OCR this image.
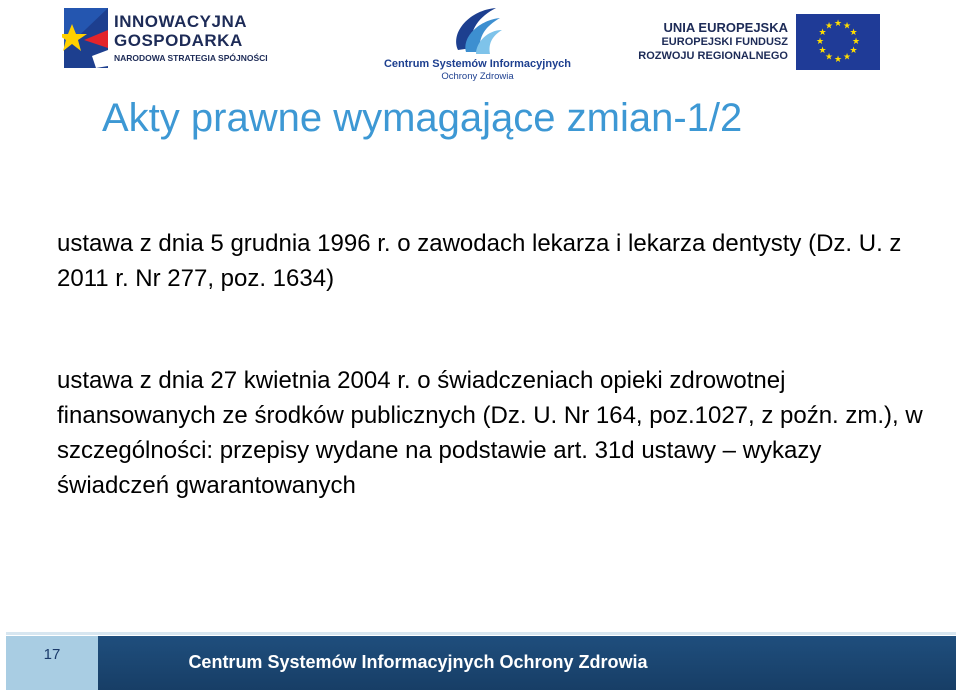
INNOWACYJNA
GOSPODARKA
NARODOWA STRATEGIA SPÓJNOŚCI	Centrum Systemów Informacyjnych
Ochrony Zdrowia
UNIA EUROPEJSKA
EUROPEJSKI FUNDUSZ
ROZWOJU REGIONALNEGO
★ ★
★
★
★
★
★
★
★
★
★
★
Akty prawne wymagające zmian-1/2
ustawa z dnia 5 grudnia 1996 r. o zawodach lekarza i lekarza dentysty (Dz. U. z 2011 r. Nr 277, poz. 1634)
ustawa z dnia 27 kwietnia 2004 r. o świadczeniach opieki zdrowotnej finansowanych ze środków publicznych (Dz. U. Nr 164, poz.1027, z poźn. zm.), w szczególności: przepisy wydane na podstawie art. 31d ustawy – wykazy świadczeń gwarantowanych
17	Centrum Systemów Informacyjnych Ochrony Zdrowia
